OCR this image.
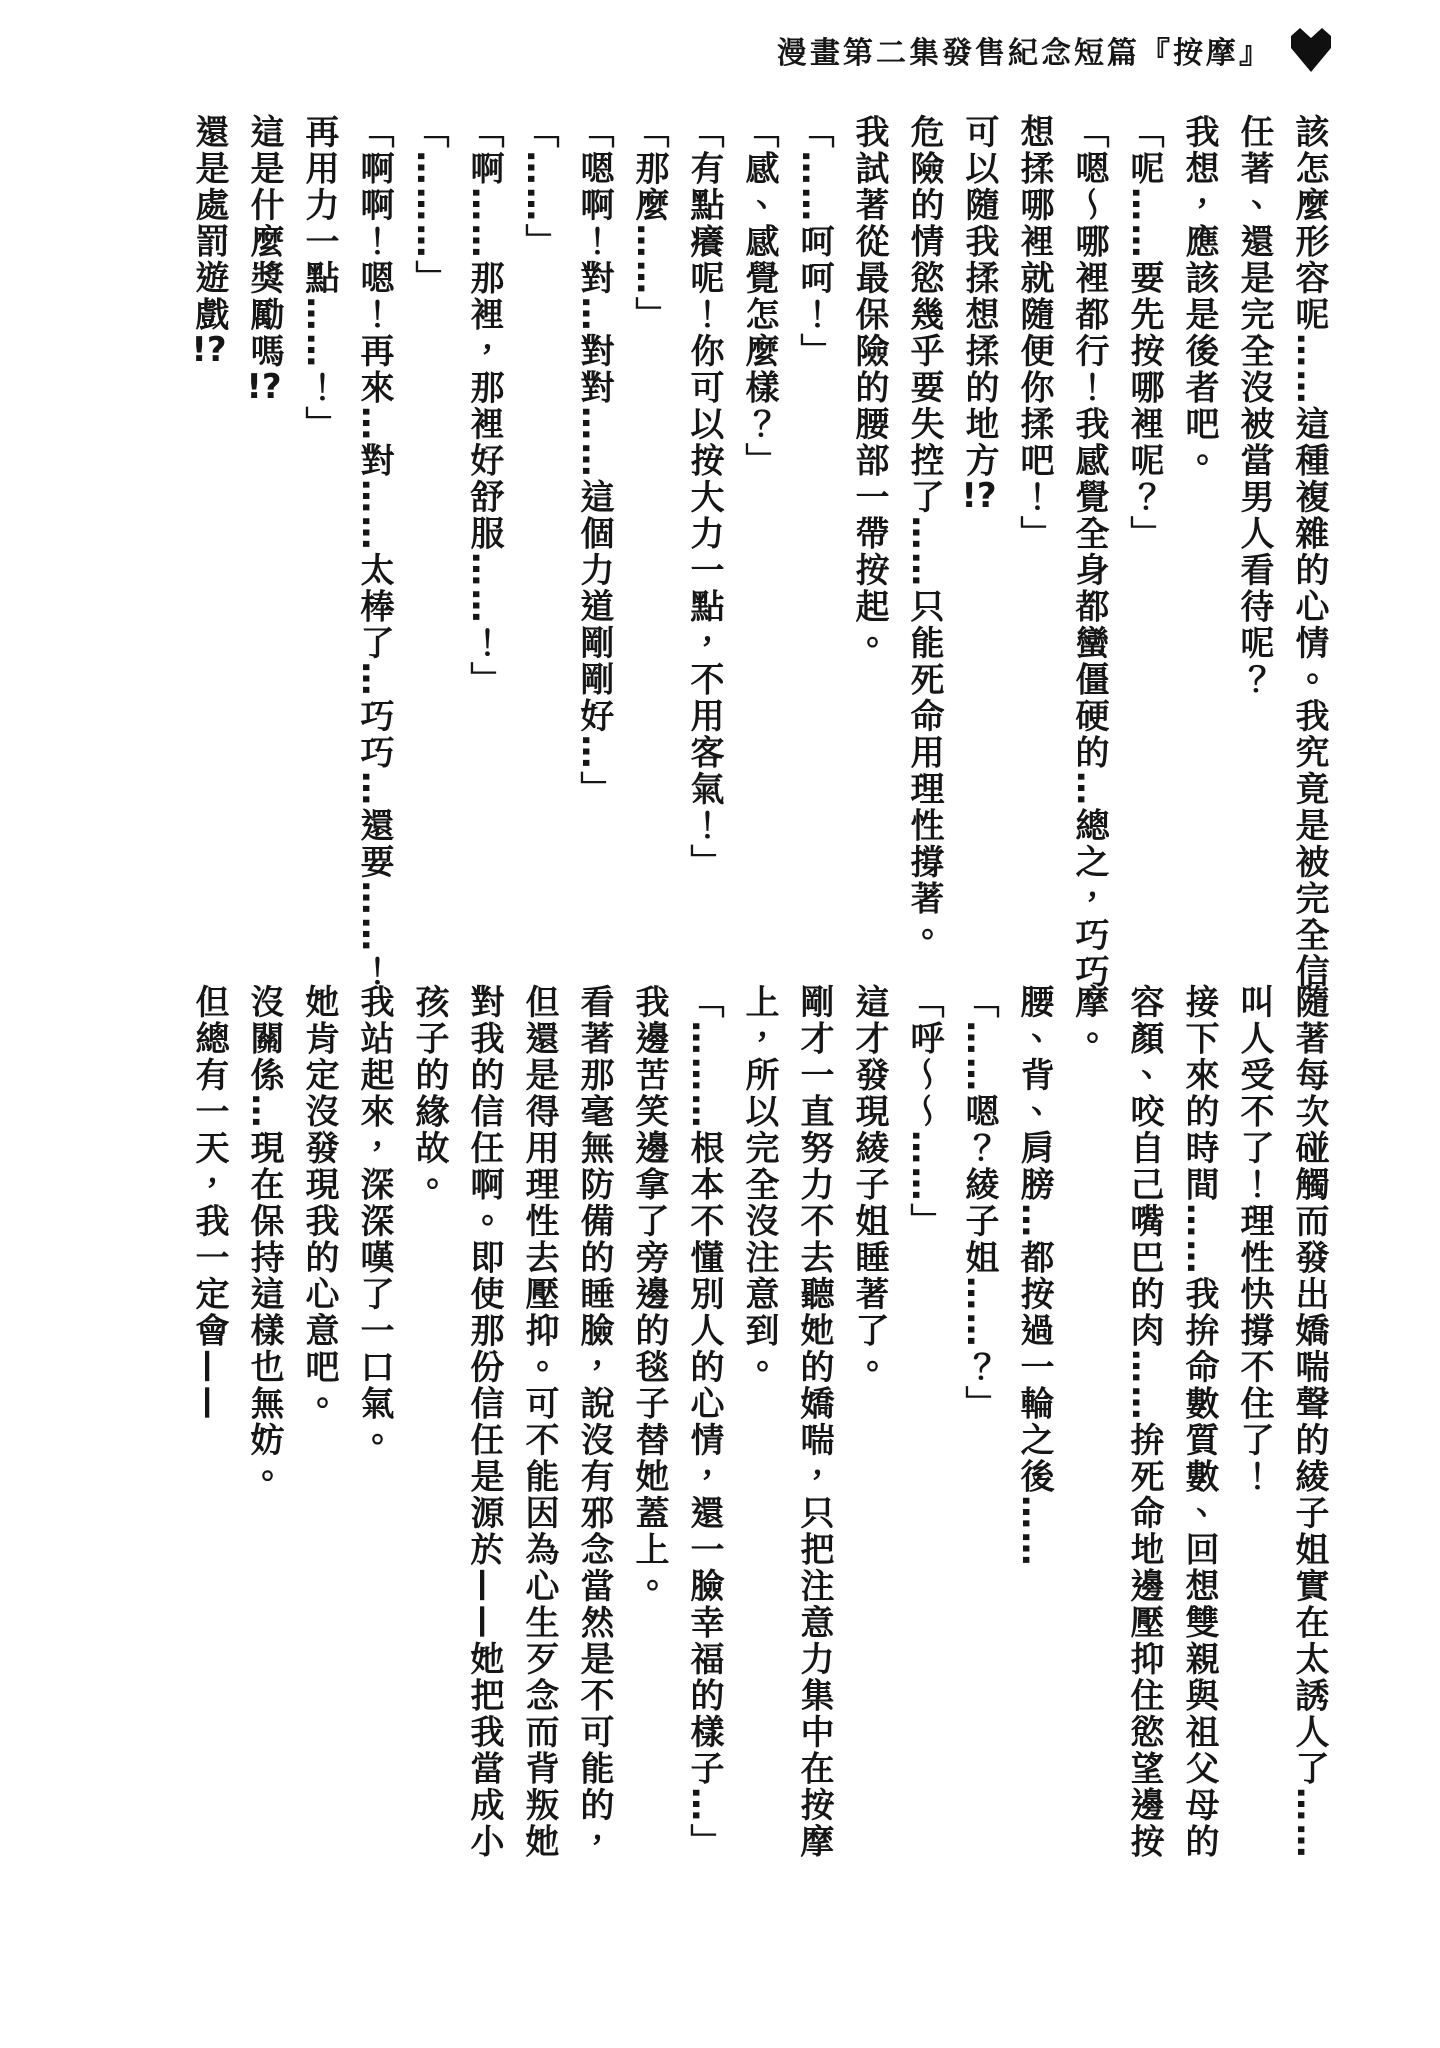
漫畫第二集發售紀念短篇『按摩』

該怎麼形容呢……這種複雜的心情。我究竟是被完全信

任著、還是完全沒被當男人看待呢？

我想，應該是後者吧。

「呢……要先按哪裡呢？」

「嗯～哪裡都行！我感覺全身都蠻僵硬的…總之，巧巧

想揉哪裡就隨便你揉吧！」

可以隨我揉想揉的地方!?

危險的情慾幾乎要失控了……只能死命用理性撐著。

我試著從最保險的腰部一帶按起。

「……呵呵！」

「感、感覺怎麼樣？」

「有點癢呢！你可以按大力一點，不用客氣！」

「那麼……」

「嗯啊！對…對對……這個力道剛剛好…」

「……」

「啊……那裡，那裡好舒服……！」

「………」

「啊啊！嗯！再來…對……太棒了…巧巧…還要……！

再用力一點……！」

這是什麼獎勵嗎!?

還是處罰遊戲!?

隨著每次碰觸而發出嬌喘聲的綾子姐實在太誘人了……

叫人受不了！理性快撐不住了！

接下來的時間……我拚命數質數、回想雙親與祖父母的

容顏、咬自己嘴巴的肉……拚死命地邊壓抑住慾望邊按

摩。

腰、背、肩膀…都按過一輪之後……

「……嗯？綾子姐……？」

「呼～～……」

這才發現綾子姐睡著了。

剛才一直努力不去聽她的嬌喘，只把注意力集中在按摩

上，所以完全沒注意到。

「………根本不懂別人的心情，還一臉幸福的樣子…」

我邊苦笑邊拿了旁邊的毯子替她蓋上。

看著那毫無防備的睡臉，說沒有邪念當然是不可能的，

但還是得用理性去壓抑。可不能因為心生歹念而背叛她

對我的信任啊。即使那份信任是源於——她把我當成小

孩子的緣故。

我站起來，深深嘆了一口氣。

她肯定沒發現我的心意吧。

沒關係…現在保持這樣也無妨。

但總有一天，我一定會——
